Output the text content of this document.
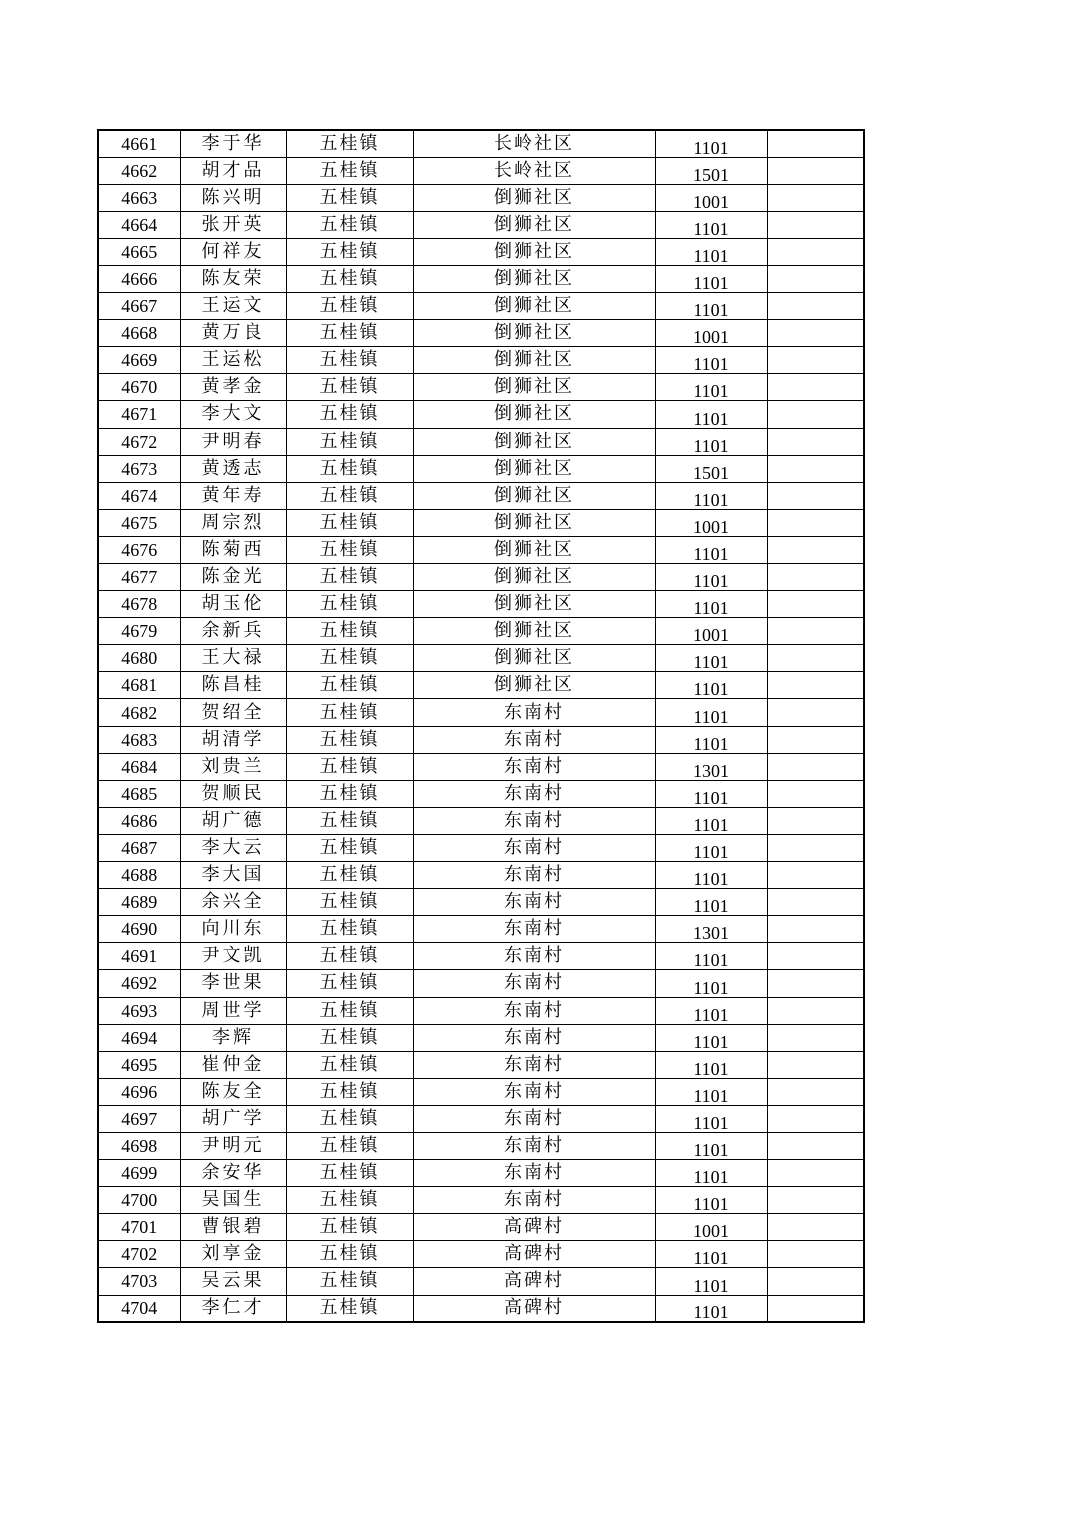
4661	李于华	五桂镇	长岭社区	1101	
4662	胡才品	五桂镇	长岭社区	1501	
4663	陈兴明	五桂镇	倒狮社区	1001	
4664	张开英	五桂镇	倒狮社区	1101	
4665	何祥友	五桂镇	倒狮社区	1101	
4666	陈友荣	五桂镇	倒狮社区	1101	
4667	王运文	五桂镇	倒狮社区	1101	
4668	黄万良	五桂镇	倒狮社区	1001	
4669	王运松	五桂镇	倒狮社区	1101	
4670	黄孝金	五桂镇	倒狮社区	1101	
4671	李大文	五桂镇	倒狮社区	1101	
4672	尹明春	五桂镇	倒狮社区	1101	
4673	黄透志	五桂镇	倒狮社区	1501	
4674	黄年寿	五桂镇	倒狮社区	1101	
4675	周宗烈	五桂镇	倒狮社区	1001	
4676	陈菊西	五桂镇	倒狮社区	1101	
4677	陈金光	五桂镇	倒狮社区	1101	
4678	胡玉伦	五桂镇	倒狮社区	1101	
4679	余新兵	五桂镇	倒狮社区	1001	
4680	王大禄	五桂镇	倒狮社区	1101	
4681	陈昌桂	五桂镇	倒狮社区	1101	
4682	贺绍全	五桂镇	东南村	1101	
4683	胡清学	五桂镇	东南村	1101	
4684	刘贵兰	五桂镇	东南村	1301	
4685	贺顺民	五桂镇	东南村	1101	
4686	胡广德	五桂镇	东南村	1101	
4687	李大云	五桂镇	东南村	1101	
4688	李大国	五桂镇	东南村	1101	
4689	余兴全	五桂镇	东南村	1101	
4690	向川东	五桂镇	东南村	1301	
4691	尹文凯	五桂镇	东南村	1101	
4692	李世果	五桂镇	东南村	1101	
4693	周世学	五桂镇	东南村	1101	
4694	李辉	五桂镇	东南村	1101	
4695	崔仲金	五桂镇	东南村	1101	
4696	陈友全	五桂镇	东南村	1101	
4697	胡广学	五桂镇	东南村	1101	
4698	尹明元	五桂镇	东南村	1101	
4699	余安华	五桂镇	东南村	1101	
4700	吴国生	五桂镇	东南村	1101	
4701	曹银碧	五桂镇	高碑村	1001	
4702	刘享金	五桂镇	高碑村	1101	
4703	吴云果	五桂镇	高碑村	1101	
4704	李仁才	五桂镇	高碑村	1101	
